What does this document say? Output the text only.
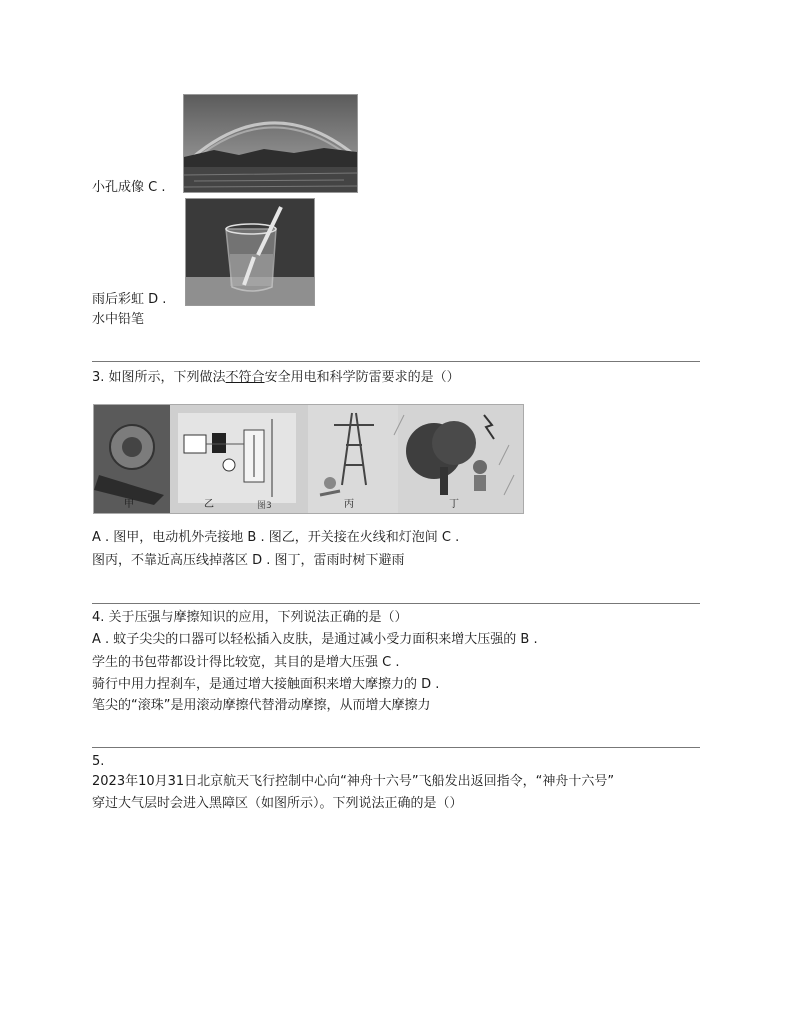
小孔成像 C .
雨后彩虹 D .
水中铅笔
3. 如图所示，下列做法不符合安全用电和科学防雷要求的是（）
甲	乙	图3	丙	丁
A . 图甲，电动机外壳接地 B . 图乙，开关接在火线和灯泡间 C .
图丙，不靠近高压线掉落区 D . 图丁，雷雨时树下避雨
4. 关于压强与摩擦知识的应用，下列说法正确的是（）
A . 蚊子尖尖的口器可以轻松插入皮肤，是通过减小受力面积来增大压强的 B .
学生的书包带都设计得比较宽，其目的是增大压强 C .
骑行中用力捏刹车，是通过增大接触面积来增大摩擦力的 D .
笔尖的“滚珠”是用滚动摩擦代替滑动摩擦，从而增大摩擦力
5.
2023年10月31日北京航天飞行控制中心向“神舟十六号”飞船发出返回指令，“神舟十六号”
穿过大气层时会进入黑障区（如图所示）。下列说法正确的是（）
